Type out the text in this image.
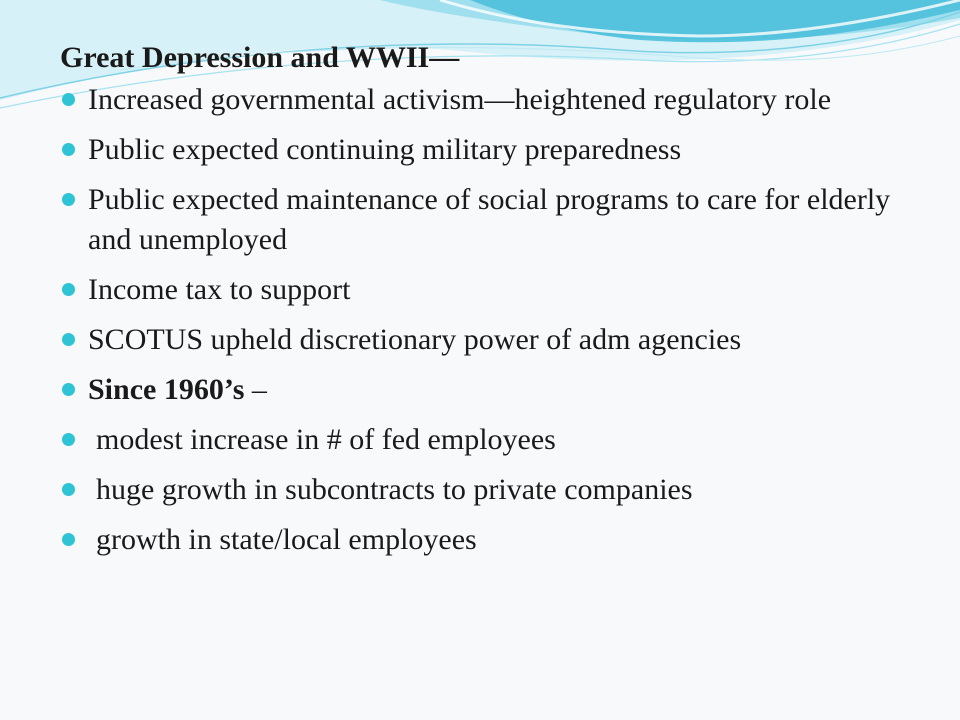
Great Depression and WWII—
Increased governmental activism—heightened regulatory role
Public expected continuing military preparedness
Public expected maintenance of social programs to care for elderly and unemployed
Income tax to support
SCOTUS upheld discretionary power of adm agencies
Since 1960’s –
modest increase in # of fed employees
huge growth in subcontracts to private companies
growth in state/local employees
